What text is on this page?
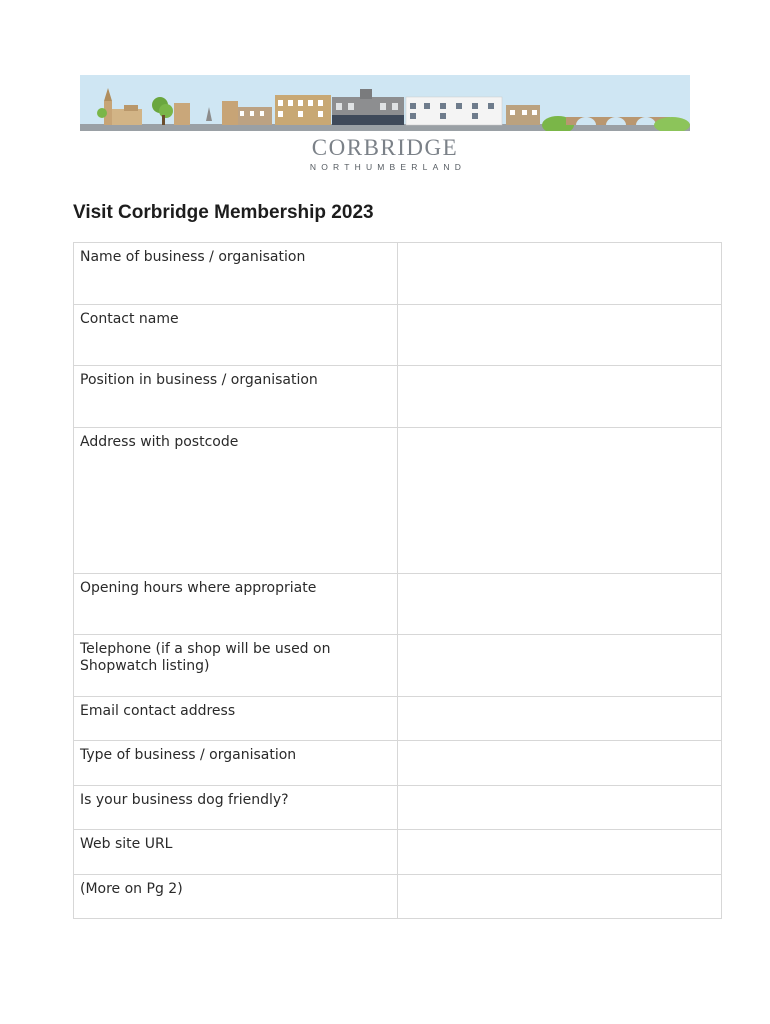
CORBRIDGE
NORTHUMBERLAND
Visit Corbridge Membership 2023
Name of business / organisation	
Contact name	
Position in business / organisation	
Address with postcode	
Opening hours where appropriate	
Telephone (if a shop will be used on Shopwatch listing)	
Email contact address	
Type of business / organisation	
Is your business dog friendly?	
Web site URL	
(More on Pg 2)	
